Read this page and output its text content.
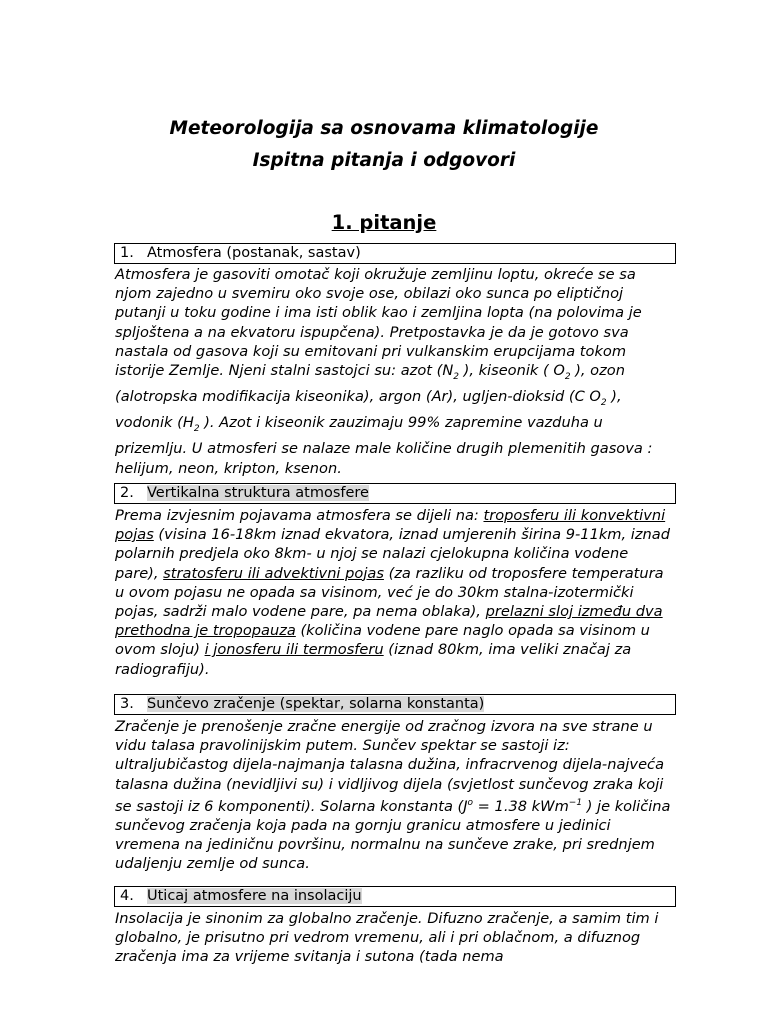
Meteorologija sa osnovama klimatologije
Ispitna pitanja i odgovori
1. pitanje
1. Atmosfera (postanak, sastav)
Atmosfera je gasoviti omotač koji okružuje zemljinu loptu, okreće se sa njom zajedno u svemiru oko svoje ose, obilazi oko sunca po eliptičnoj putanji u toku godine i ima isti oblik kao i zemljina lopta (na polovima je spljoštena a na ekvatoru ispupčena). Pretpostavka je da je gotovo sva nastala od gasova koji su emitovani pri vulkanskim erupcijama tokom istorije Zemlje. Njeni stalni sastojci su: azot ($N_2$ ), kiseonik ( $O_2$ ), ozon (alotropska modifikacija kiseonika), argon (Ar), ugljen-dioksid (C $O_2$ ), vodonik ($H_2$ ). Azot i kiseonik zauzimaju 99% zapremine vazduha u prizemlju. U atmosferi se nalaze male količine drugih plemenitih gasova : helijum, neon, kripton, ksenon.
2. Vertikalna struktura atmosfere
Prema izvjesnim pojavama atmosfera se dijeli na: troposferu ili konvektivni pojas (visina 16-18km iznad ekvatora, iznad umjerenih širina 9-11km, iznad polarnih predjela oko 8km- u njoj se nalazi cjelokupna količina vodene pare), stratosferu ili advektivni pojas (za razliku od troposfere temperatura u ovom pojasu ne opada sa visinom, već je do 30km stalna-izotermički pojas, sadrži malo vodene pare, pa nema oblaka), prelazni sloj između dva prethodna je tropopauza (količina vodene pare naglo opada sa visinom u ovom sloju) i jonosferu ili termosferu (iznad 80km, ima veliki značaj za radiografiju).
3. Sunčevo zračenje (spektar, solarna konstanta)
Zračenje je prenošenje zračne energije od zračnog izvora na sve strane u vidu talasa pravolinijskim putem. Sunčev spektar se sastoji iz: ultraljubičastog dijela-najmanja talasna dužina, infracrvenog dijela-najveća talasna dužina (nevidljivi su) i vidljivog dijela (svjetlost sunčevog zraka koji se sastoji iz 6 komponenti). Solarna konstanta ($J^o = 1.38$ kWm$^{-1}$ ) je količina sunčevog zračenja koja pada na gornju granicu atmosfere u jedinici vremena na jediničnu površinu, normalnu na sunčeve zrake, pri srednjem udaljenju zemlje od sunca.
4. Uticaj atmosfere na insolaciju
Insolacija je sinonim za globalno zračenje. Difuzno zračenje, a samim tim i globalno, je prisutno pri vedrom vremenu, ali i pri oblačnom, a difuznog zračenja ima za vrijeme svitanja i sutona (tada nema
